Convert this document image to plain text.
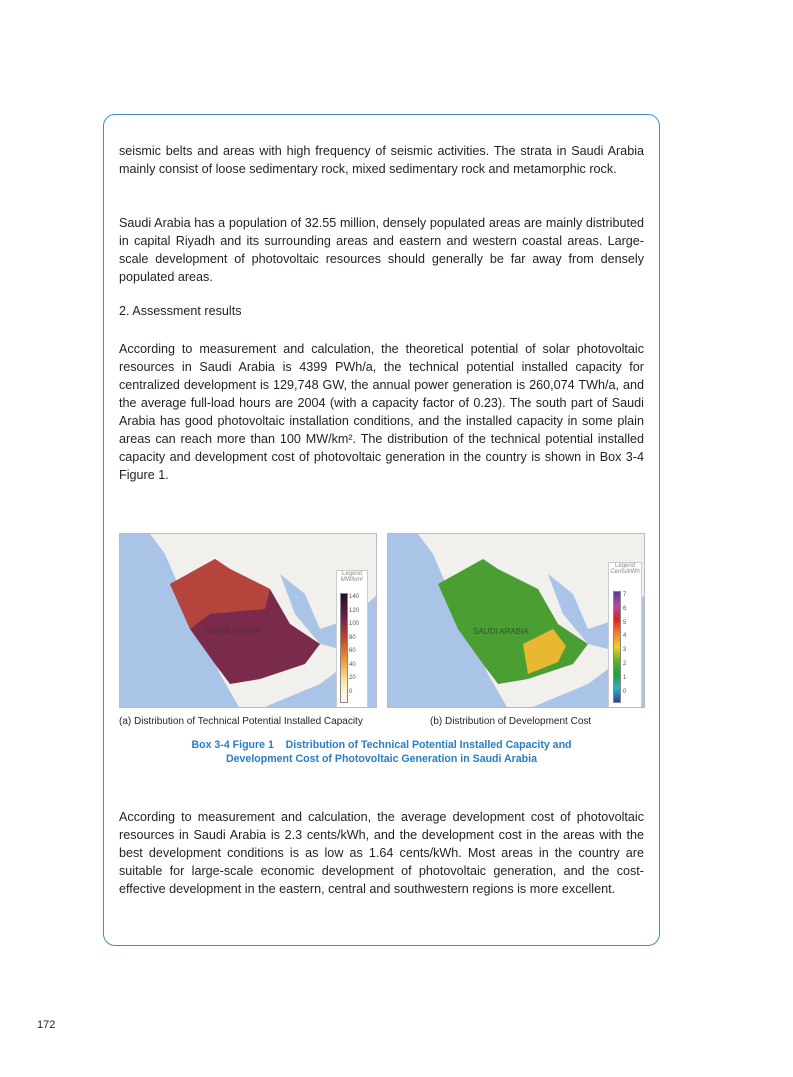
seismic belts and areas with high frequency of seismic activities. The strata in Saudi Arabia mainly consist of loose sedimentary rock, mixed sedimentary rock and metamorphic rock.

Saudi Arabia has a population of 32.55 million, densely populated areas are mainly distributed in capital Riyadh and its surrounding areas and eastern and western coastal areas. Large-scale development of photovoltaic resources should generally be far away from densely populated areas.

2. Assessment results

According to measurement and calculation, the theoretical potential of solar photovoltaic resources in Saudi Arabia is 4399 PWh/a, the technical potential installed capacity for centralized development is 129,748 GW, the annual power generation is 260,074 TWh/a, and the average full-load hours are 2004 (with a capacity factor of 0.23). The south part of Saudi Arabia has good photovoltaic installation conditions, and the installed capacity in some plain areas can reach more than 100 MW/km². The distribution of the technical potential installed capacity and development cost of photovoltaic generation in the country is shown in Box 3-4 Figure 1.

SAUDI ARABIA
Legend
MW/km²
140
120
100
80
60
40
20
0
SAUDI ARABIA
Legend
Cents/kWh
7
6
5
4
3
2
1
0
(a) Distribution of Technical Potential Installed Capacity	(b) Distribution of Development Cost
Box 3-4 Figure 1    Distribution of Technical Potential Installed Capacity and
Development Cost of Photovoltaic Generation in Saudi Arabia

According to measurement and calculation, the average development cost of photovoltaic resources in Saudi Arabia is 2.3 cents/kWh, and the development cost in the areas with the best development conditions is as low as 1.64 cents/kWh. Most areas in the country are suitable for large-scale economic development of photovoltaic generation, and the cost-effective development in the eastern, central and southwestern regions is more excellent.

172
